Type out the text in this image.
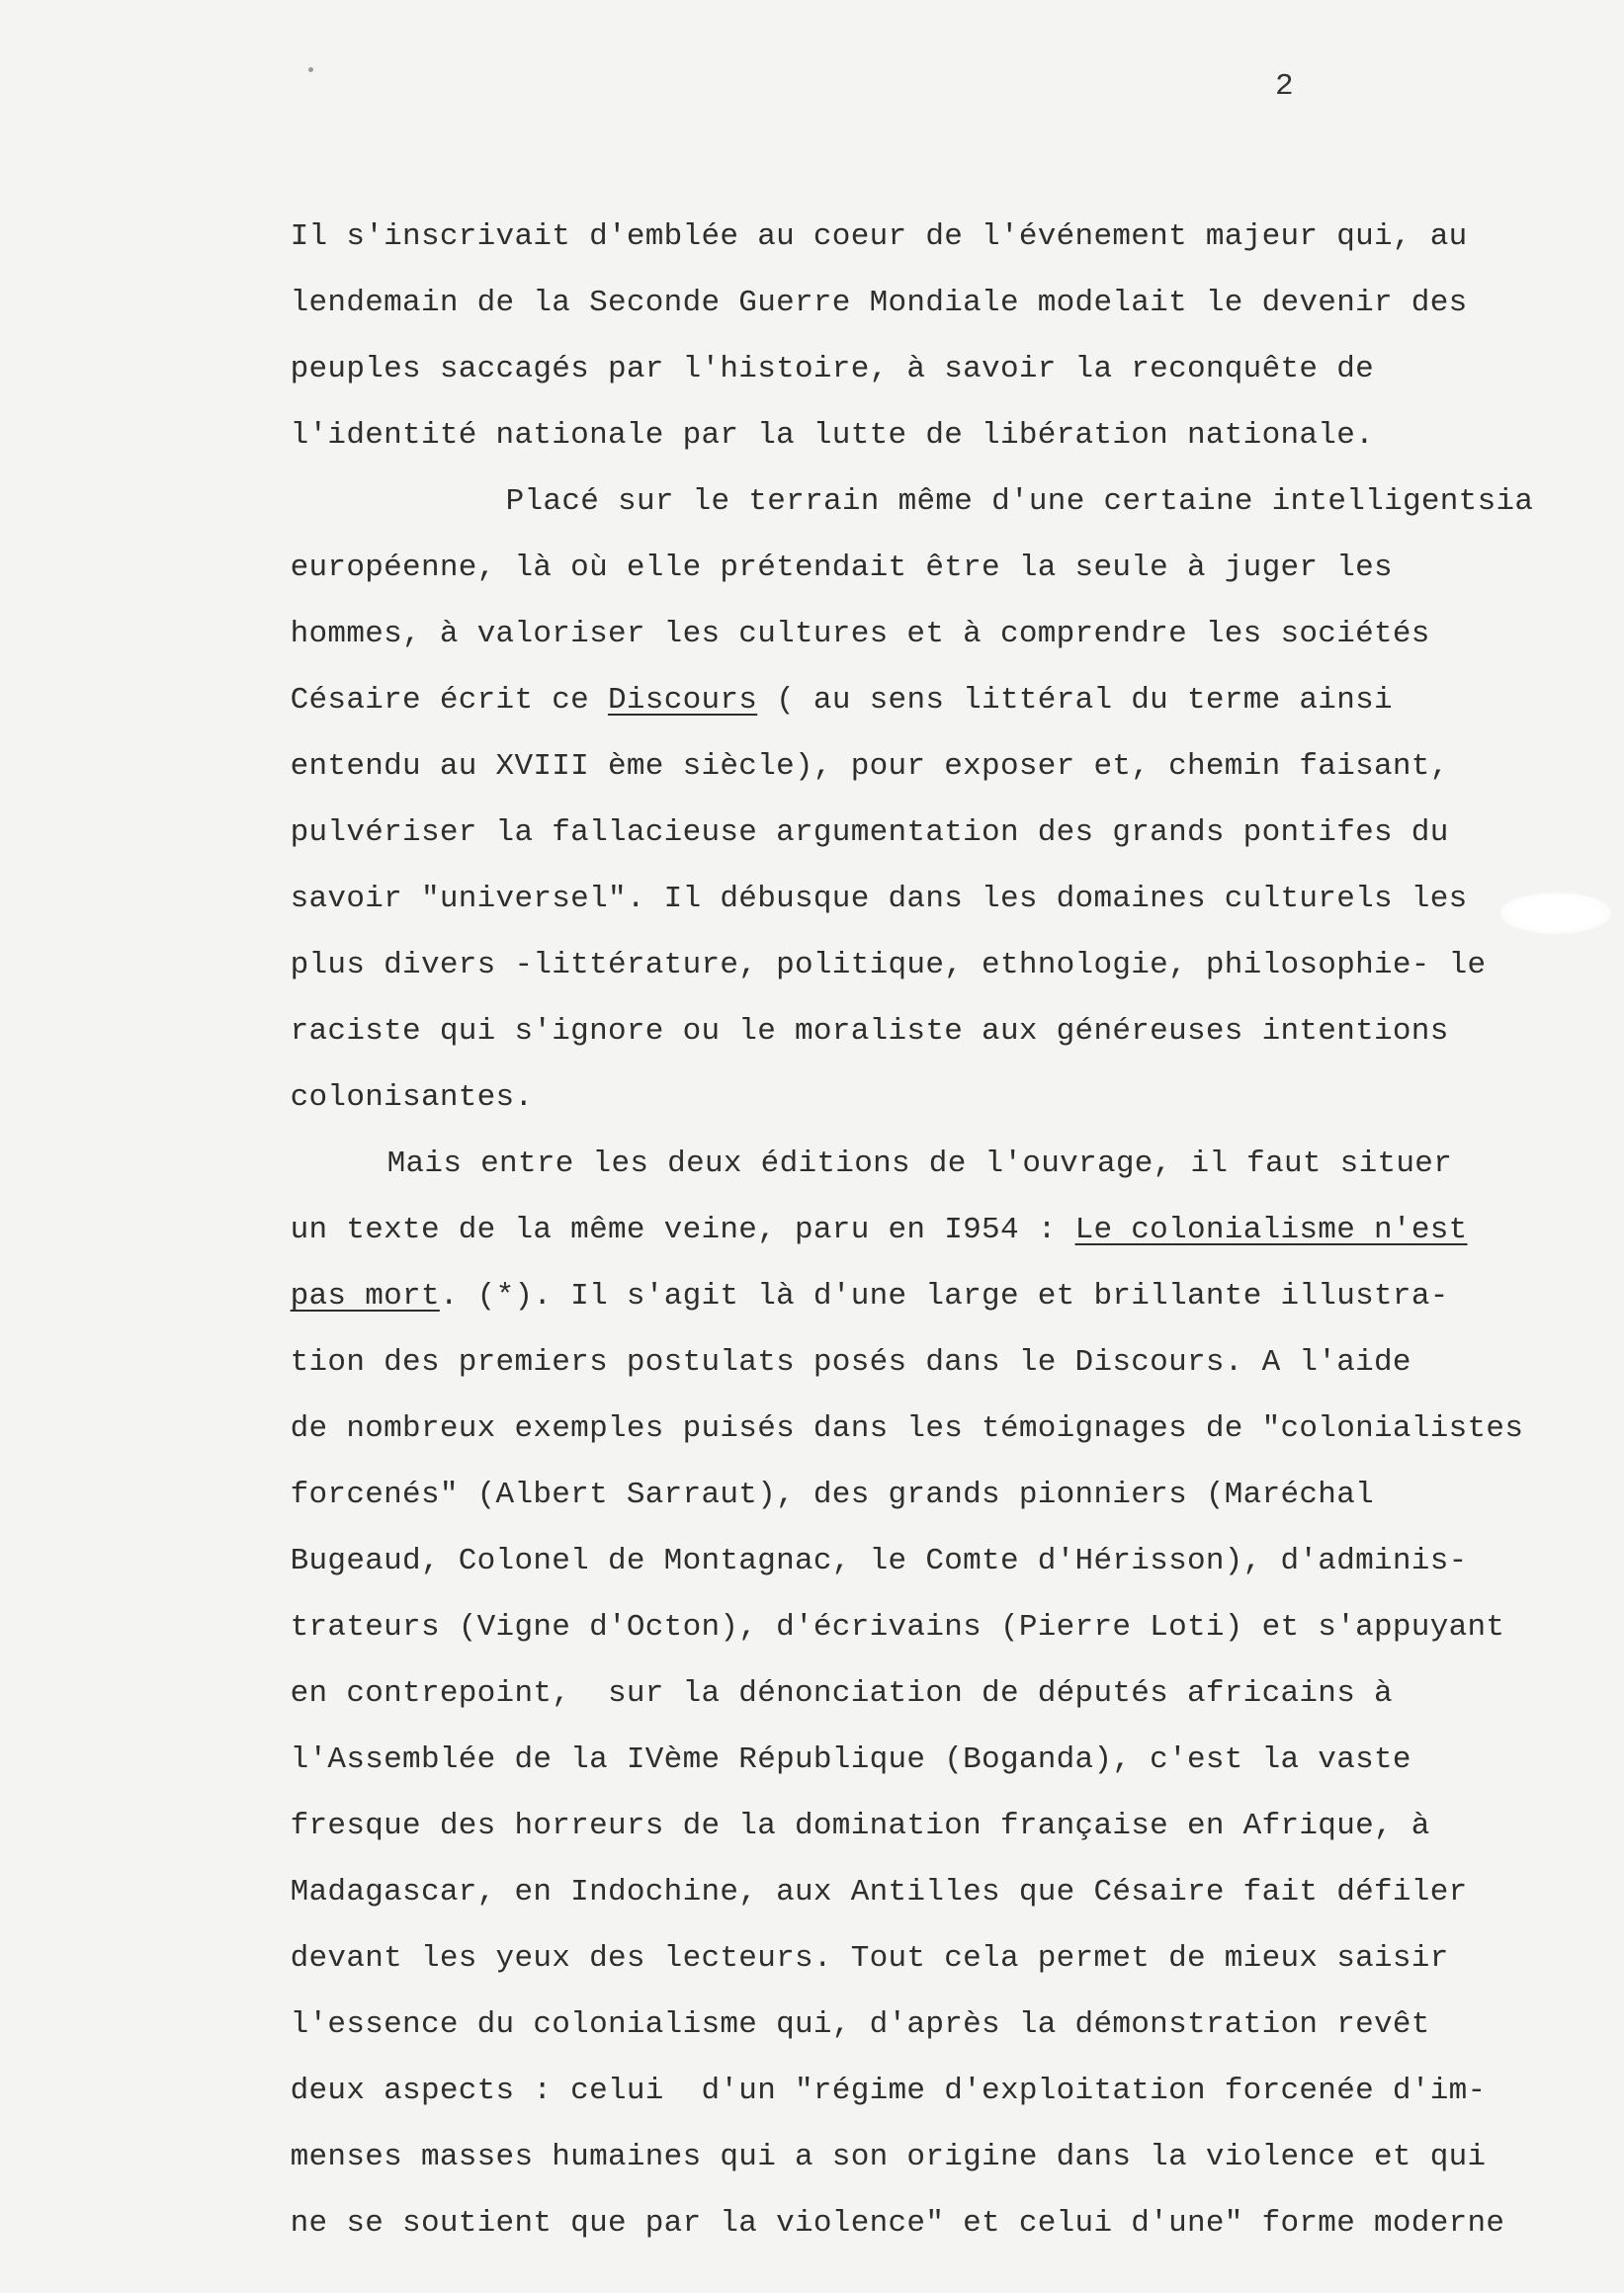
2

Il s'inscrivait d'emblée au coeur de l'événement majeur qui, au

lendemain de la Seconde Guerre Mondiale modelait le devenir des

peuples saccagés par l'histoire, à savoir la reconquête de

l'identité nationale par la lutte de libération nationale.

Placé sur le terrain même d'une certaine intelligentsia

européenne, là où elle prétendait être la seule à juger les

hommes, à valoriser les cultures et à comprendre les sociétés

Césaire écrit ce Discours ( au sens littéral du terme ainsi

entendu au XVIII ème siècle), pour exposer et, chemin faisant,

pulvériser la fallacieuse argumentation des grands pontifes du

savoir "universel". Il débusque dans les domaines culturels les

plus divers -littérature, politique, ethnologie, philosophie- le

raciste qui s'ignore ou le moraliste aux généreuses intentions

colonisantes.

Mais entre les deux éditions de l'ouvrage, il faut situer

un texte de la même veine, paru en I954 : Le colonialisme n'est

pas mort. (*). Il s'agit là d'une large et brillante illustra-

tion des premiers postulats posés dans le Discours. A l'aide

de nombreux exemples puisés dans les témoignages de "colonialistes

forcenés" (Albert Sarraut), des grands pionniers (Maréchal

Bugeaud, Colonel de Montagnac, le Comte d'Hérisson), d'adminis-

trateurs (Vigne d'Octon), d'écrivains (Pierre Loti) et s'appuyant

en contrepoint,  sur la dénonciation de députés africains à

l'Assemblée de la IVème République (Boganda), c'est la vaste

fresque des horreurs de la domination française en Afrique, à

Madagascar, en Indochine, aux Antilles que Césaire fait défiler

devant les yeux des lecteurs. Tout cela permet de mieux saisir

l'essence du colonialisme qui, d'après la démonstration revêt

deux aspects : celui  d'un "régime d'exploitation forcenée d'im-

menses masses humaines qui a son origine dans la violence et qui

ne se soutient que par la violence" et celui d'une" forme moderne
